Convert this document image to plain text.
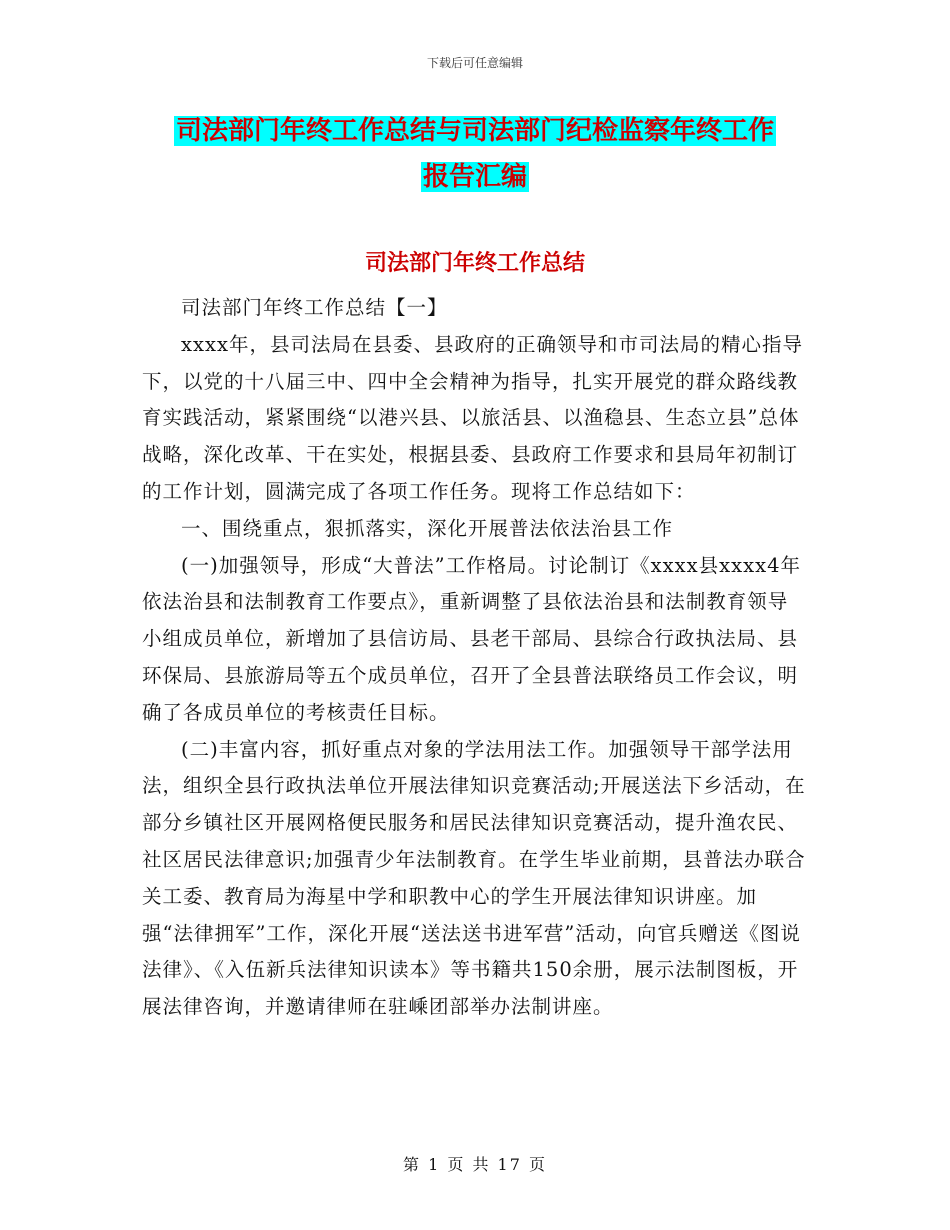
下载后可任意编辑
司法部门年终工作总结与司法部门纪检监察年终工作
报告汇编
司法部门年终工作总结

司法部门年终工作总结【一】

xxxx年，县司法局在县委、县政府的正确领导和市司法局的精心指导下，以党的十八届三中、四中全会精神为指导，扎实开展党的群众路线教育实践活动，紧紧围绕“以港兴县、以旅活县、以渔稳县、生态立县”总体战略，深化改革、干在实处，根据县委、县政府工作要求和县局年初制订的工作计划，圆满完成了各项工作任务。现将工作总结如下：

一、围绕重点，狠抓落实，深化开展普法依法治县工作

(一)加强领导，形成“大普法”工作格局。讨论制订《xxxx县xxxx4年依法治县和法制教育工作要点》，重新调整了县依法治县和法制教育领导小组成员单位，新增加了县信访局、县老干部局、县综合行政执法局、县环保局、县旅游局等五个成员单位，召开了全县普法联络员工作会议，明确了各成员单位的考核责任目标。

(二)丰富内容，抓好重点对象的学法用法工作。加强领导干部学法用法，组织全县行政执法单位开展法律知识竞赛活动;开展送法下乡活动，在部分乡镇社区开展网格便民服务和居民法律知识竞赛活动，提升渔农民、社区居民法律意识;加强青少年法制教育。在学生毕业前期，县普法办联合关工委、教育局为海星中学和职教中心的学生开展法律知识讲座。加强“法律拥军”工作，深化开展“送法送书进军营”活动，向官兵赠送《图说法律》、《入伍新兵法律知识读本》等书籍共150余册，展示法制图板，开展法律咨询，并邀请律师在驻嵊团部举办法制讲座。

第 1 页 共 17 页
